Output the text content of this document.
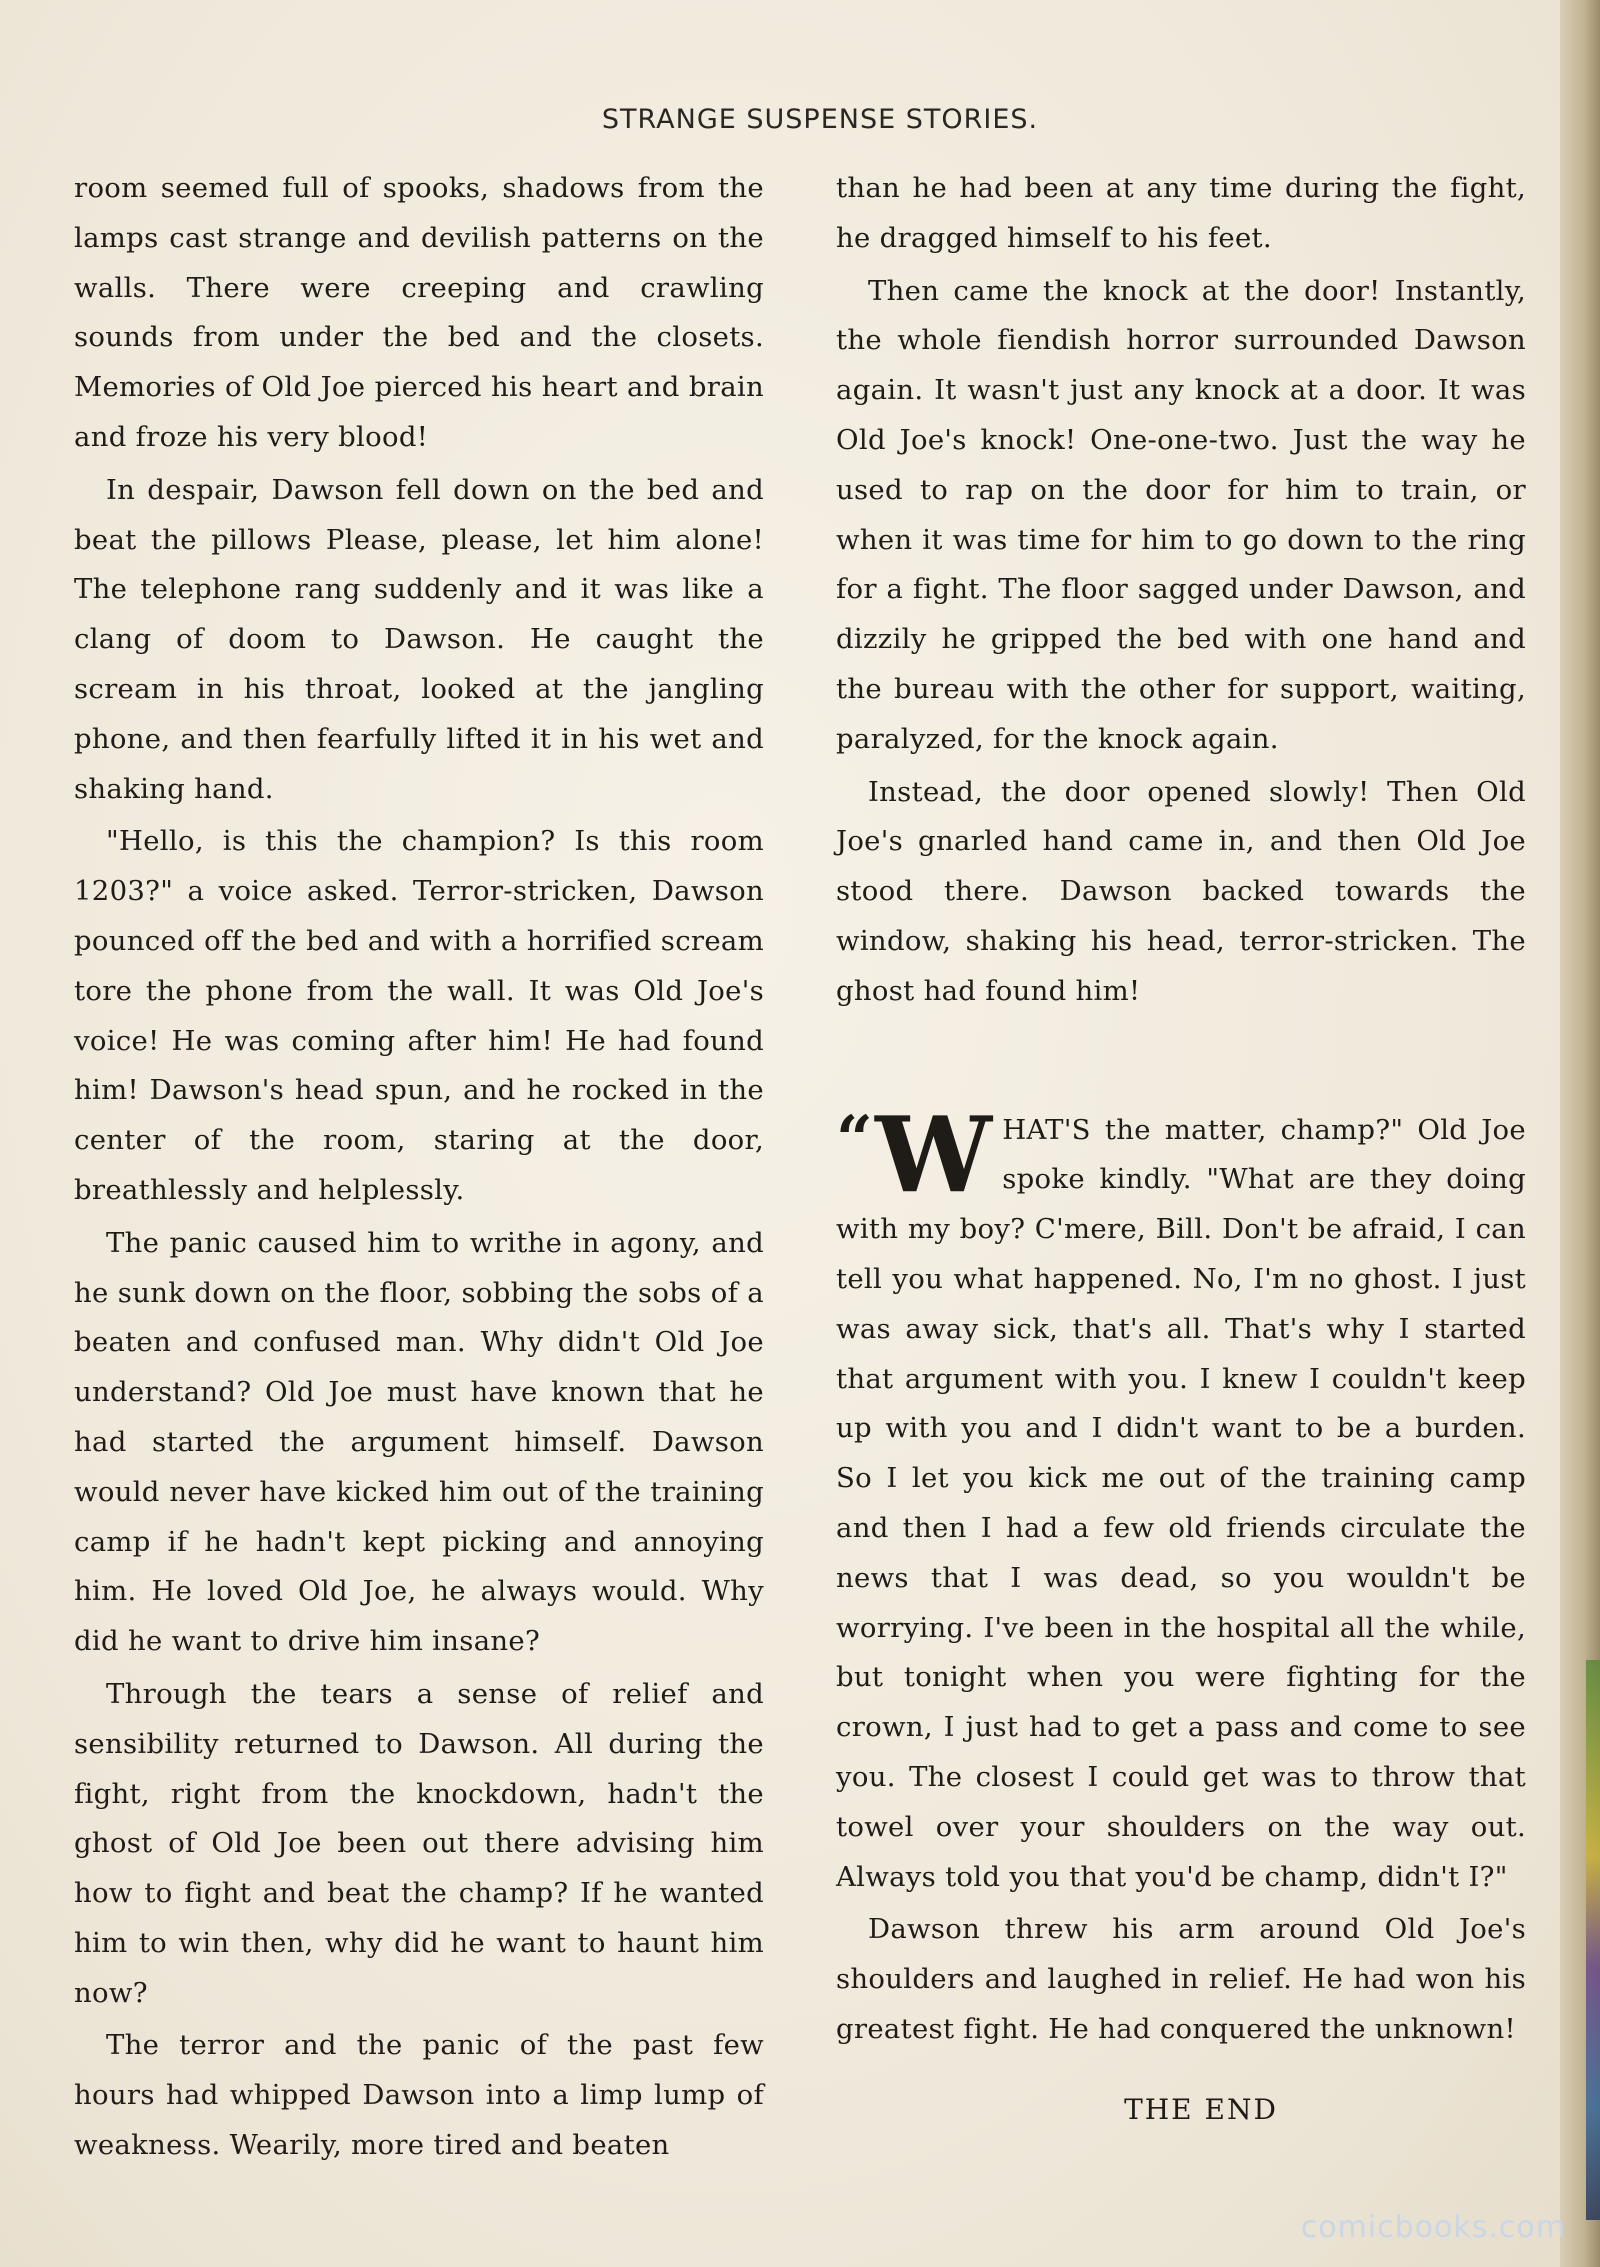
STRANGE SUSPENSE STORIES.

room seemed full of spooks, shadows from the lamps cast strange and devilish patterns on the walls. There were creeping and crawling sounds from under the bed and the closets. Memories of Old Joe pierced his heart and brain and froze his very blood!

In despair, Dawson fell down on the bed and beat the pillows Please, please, let him alone! The telephone rang suddenly and it was like a clang of doom to Dawson. He caught the scream in his throat, looked at the jangling phone, and then fearfully lifted it in his wet and shaking hand.

"Hello, is this the champion? Is this room 1203?" a voice asked. Terror-stricken, Dawson pounced off the bed and with a horrified scream tore the phone from the wall. It was Old Joe's voice! He was coming after him! He had found him! Dawson's head spun, and he rocked in the center of the room, staring at the door, breathlessly and helplessly.

The panic caused him to writhe in agony, and he sunk down on the floor, sobbing the sobs of a beaten and confused man. Why didn't Old Joe understand? Old Joe must have known that he had started the argument himself. Dawson would never have kicked him out of the training camp if he hadn't kept picking and annoying him. He loved Old Joe, he always would. Why did he want to drive him insane?

Through the tears a sense of relief and sensibility returned to Dawson. All during the fight, right from the knockdown, hadn't the ghost of Old Joe been out there advising him how to fight and beat the champ? If he wanted him to win then, why did he want to haunt him now?

The terror and the panic of the past few hours had whipped Dawson into a limp lump of weakness. Wearily, more tired and beaten

than he had been at any time during the fight, he dragged himself to his feet.

Then came the knock at the door! Instantly, the whole fiendish horror surrounded Dawson again. It wasn't just any knock at a door. It was Old Joe's knock! One-one-two. Just the way he used to rap on the door for him to train, or when it was time for him to go down to the ring for a fight. The floor sagged under Dawson, and dizzily he gripped the bed with one hand and the bureau with the other for support, waiting, paralyzed, for the knock again.

Instead, the door opened slowly! Then Old Joe's gnarled hand came in, and then Old Joe stood there. Dawson backed towards the window, shaking his head, terror-stricken. The ghost had found him!

“ W HAT'S the matter, champ?" Old Joe spoke kindly. "What are they doing with my boy? C'mere, Bill. Don't be afraid, I can tell you what happened. No, I'm no ghost. I just was away sick, that's all. That's why I started that argument with you. I knew I couldn't keep up with you and I didn't want to be a burden. So I let you kick me out of the training camp and then I had a few old friends circulate the news that I was dead, so you wouldn't be worrying. I've been in the hospital all the while, but tonight when you were fighting for the crown, I just had to get a pass and come to see you. The closest I could get was to throw that towel over your shoulders on the way out. Always told you that you'd be champ, didn't I?"

Dawson threw his arm around Old Joe's shoulders and laughed in relief. He had won his greatest fight. He had conquered the unknown!

THE END
comicbooks.com
